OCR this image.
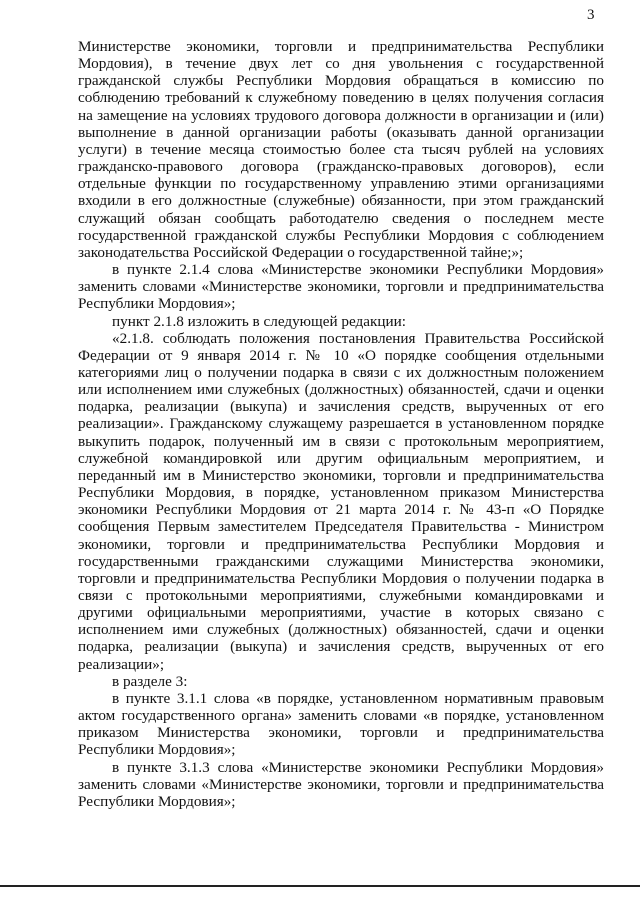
3

Министерстве экономики, торговли и предпринимательства Республики Мордовия), в течение двух лет со дня увольнения с государственной гражданской службы Республики Мордовия обращаться в комиссию по соблюдению требований к служебному поведению в целях получения согласия на замещение на условиях трудового договора должности в организации и (или) выполнение в данной организации работы (оказывать данной организации услуги) в течение месяца стоимостью более ста тысяч рублей на условиях гражданско-правового договора (гражданско-правовых договоров), если отдельные функции по государственному управлению этими организациями входили в его должностные (служебные) обязанности, при этом гражданский служащий обязан сообщать работодателю сведения о последнем месте государственной гражданской службы Республики Мордовия с соблюдением законодательства Российской Федерации о государственной тайне;»;

в пункте 2.1.4 слова «Министерстве экономики Республики Мордовия» заменить словами «Министерстве экономики, торговли и предпринимательства Республики Мордовия»;

пункт 2.1.8 изложить в следующей редакции:

«2.1.8. соблюдать положения постановления Правительства Российской Федерации от 9 января 2014 г. № 10 «О порядке сообщения отдельными категориями лиц о получении подарка в связи с их должностным положением или исполнением ими служебных (должностных) обязанностей, сдачи и оценки подарка, реализации (выкупа) и зачисления средств, вырученных от его реализации». Гражданскому служащему разрешается в установленном порядке выкупить подарок, полученный им в связи с протокольным мероприятием, служебной командировкой или другим официальным мероприятием, и переданный им в Министерство экономики, торговли и предпринимательства Республики Мордовия, в порядке, установленном приказом Министерства экономики Республики Мордовия от 21 марта 2014 г. № 43-п «О Порядке сообщения Первым заместителем Председателя Правительства - Министром экономики, торговли и предпринимательства Республики Мордовия и государственными гражданскими служащими Министерства экономики, торговли и предпринимательства Республики Мордовия о получении подарка в связи с протокольными мероприятиями, служебными командировками и другими официальными мероприятиями, участие в которых связано с исполнением ими служебных (должностных) обязанностей, сдачи и оценки подарка, реализации (выкупа) и зачисления средств, вырученных от его реализации»;

в разделе 3:

в пункте 3.1.1 слова «в порядке, установленном нормативным правовым актом государственного органа» заменить словами «в порядке, установленном приказом Министерства экономики, торговли и предпринимательства Республики Мордовия»;

в пункте 3.1.3 слова «Министерстве экономики Республики Мордовия» заменить словами «Министерстве экономики, торговли и предпринимательства Республики Мордовия»;
